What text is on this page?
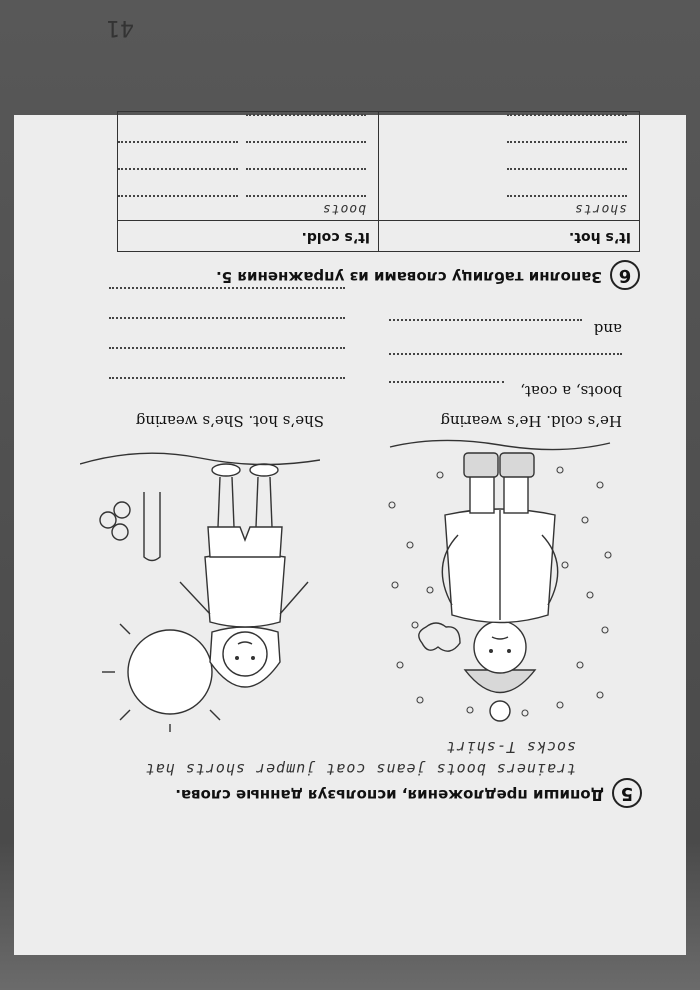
41
5
Допиши предложения, используя данные слова.
trainers boots jeans coat jumper shorts hat
socks T-shirt
He’s cold. He’s wearing
She’s hot. She’s wearing
boots, a coat,
and
6
Заполни таблицу словами из упражнения 5.
It’s hot.	It’s cold.

shorts	boots
